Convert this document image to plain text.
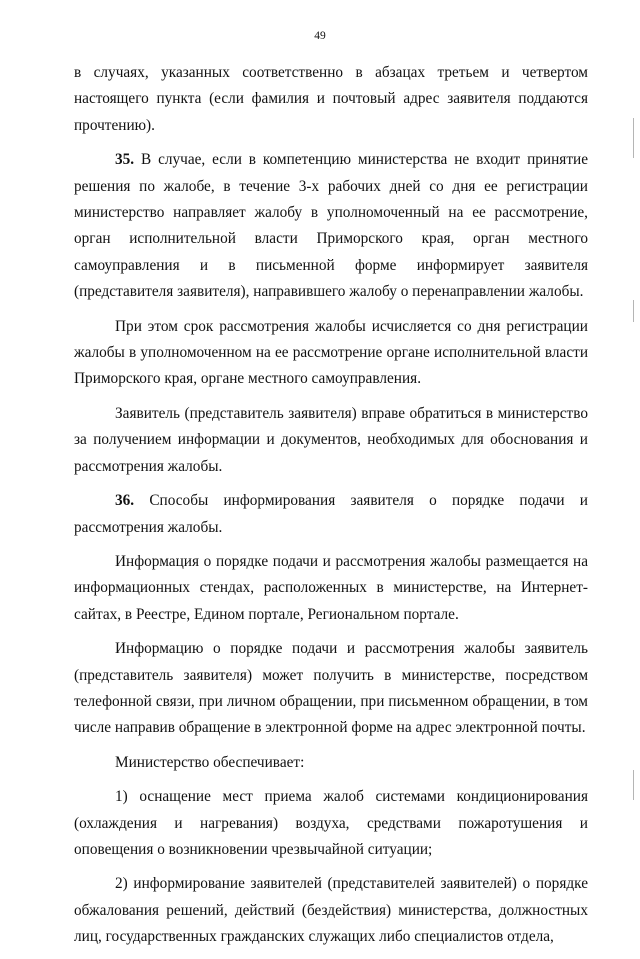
49

в случаях, указанных соответственно в абзацах третьем и четвертом настоящего пункта (если фамилия и почтовый адрес заявителя поддаются прочтению).

35. В случае, если в компетенцию министерства не входит принятие решения по жалобе, в течение 3-х рабочих дней со дня ее регистрации министерство направляет жалобу в уполномоченный на ее рассмотрение, орган исполнительной власти Приморского края, орган местного самоуправления и в письменной форме информирует заявителя (представителя заявителя), направившего жалобу о перенаправлении жалобы.

При этом срок рассмотрения жалобы исчисляется со дня регистрации жалобы в уполномоченном на ее рассмотрение органе исполнительной власти Приморского края, органе местного самоуправления.

Заявитель (представитель заявителя) вправе обратиться в министерство за получением информации и документов, необходимых для обоснования и рассмотрения жалобы.

36. Способы информирования заявителя о порядке подачи и рассмотрения жалобы.

Информация о порядке подачи и рассмотрения жалобы размещается на информационных стендах, расположенных в министерстве, на Интернет-сайтах, в Реестре, Едином портале, Региональном портале.

Информацию о порядке подачи и рассмотрения жалобы заявитель (представитель заявителя) может получить в министерстве, посредством телефонной связи, при личном обращении, при письменном обращении, в том числе направив обращение в электронной форме на адрес электронной почты.

Министерство обеспечивает:

1) оснащение мест приема жалоб системами кондиционирования (охлаждения и нагревания) воздуха, средствами пожаротушения и оповещения о возникновении чрезвычайной ситуации;

2) информирование заявителей (представителей заявителей) о порядке обжалования решений, действий (бездействия) министерства, должностных лиц, государственных гражданских служащих либо специалистов отдела,
